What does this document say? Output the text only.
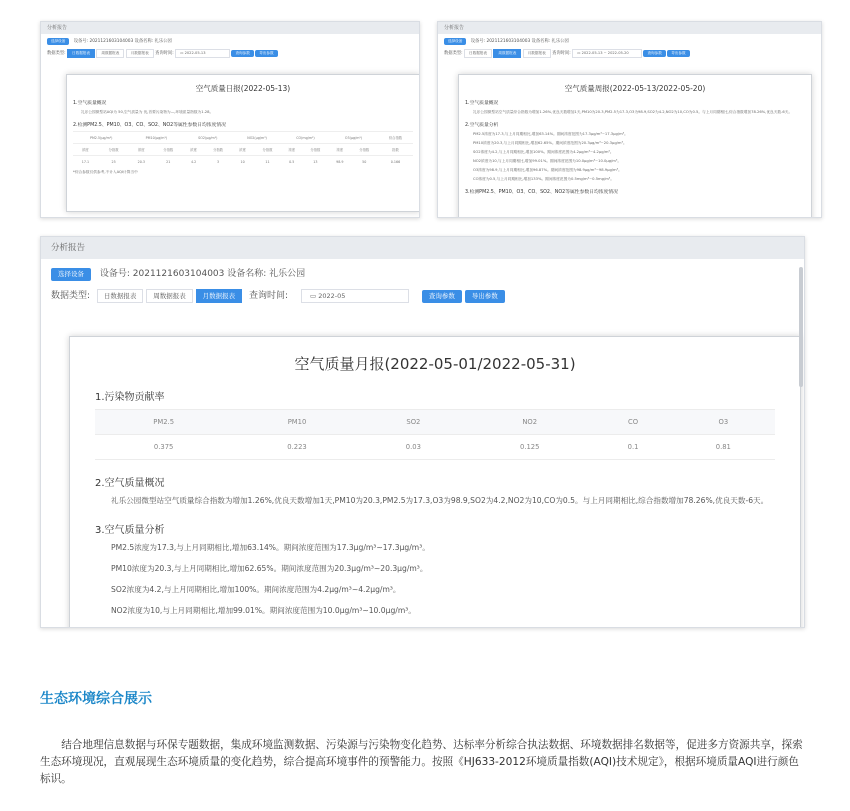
分析报告
选择设备 设备号: 2021121603104003 设备名称: 礼乐公园
数据类型: 日数据报表	周数据报表	月数据报表 查询时间: ▭ 2022-05-13	查询参数	导出参数
空气质量日报(2022-05-13)
1.空气质量概况
礼乐公园微型站AQI为 50,空气质量为 优,首要污染物为—,环境质量指数为1.28。
2.检测PM2.5、PM10、O3、CO、SO2、NO2等属性参数日均浓度情况
PM2.5(μg/m³)		PM10(μg/m³)		SO2(μg/m³)		NO2(μg/m³)		CO(mg/m³)		O3(μg/m³)		综合指数
浓度	分指数	浓度	分指数	浓度	分指数	浓度	分指数	浓度	分指数	浓度	分指数	指数
17.1	25	20.3	21	4.2	3	10	11	0.5	13	98.9	50	0.166
*综合参数仅供参考,不计入AQI计算当中
分析报告
选择设备 设备号: 2021121603104003 设备名称: 礼乐公园
数据类型: 日数据报表	周数据报表	月数据报表 查询时间: ▭ 2022-05-13 ~ 2022-05-20	查询参数	导出参数
空气质量周报(2022-05-13/2022-05-20)
1.空气质量概况
礼乐公园微型站空气质量综合指数为增加1.26%,优良天数增加1天,PM10为20.3,PM2.5为17.3,O3为98.9,SO2为4.2,NO2为10,CO为0.5。与上月同期相比,综合指数增加78.26%,优良天数-6天。
2.空气质量分析
PM2.5浓度为17.3,与上月同期相比,增加63.14%。期间浓度范围为17.3μg/m³~17.3μg/m³。
PM10浓度为20.3,与上月同期相比,增加62.65%。期间浓度范围为20.3μg/m³~20.3μg/m³。
SO2浓度为4.2,与上月同期相比,增加100%。期间浓度范围为4.2μg/m³~4.2μg/m³。
NO2浓度为10,与上月同期相比,增加99.01%。期间浓度范围为10.0μg/m³~10.0μg/m³。
O3浓度为98.9,与上月同期相比,增加96.87%。期间浓度范围为98.9μg/m³~98.9μg/m³。
CO浓度为0.5,与上月同期相比,增加133%。期间浓度范围为0.5mg/m³~0.5mg/m³。
3.检测PM2.5、PM10、O3、CO、SO2、NO2等属性参数日均浓度情况
分析报告
选择设备 设备号: 2021121603104003 设备名称: 礼乐公园
数据类型: 日数据报表	周数据报表	月数据报表 查询时间:	▭ 2022-05	查询参数	导出参数
空气质量月报(2022-05-01/2022-05-31)
1.污染物贡献率
PM2.5	PM10	SO2	NO2	CO	O3
0.375	0.223	0.03	0.125	0.1	0.81
2.空气质量概况
礼乐公园微型站空气质量综合指数为增加1.26%,优良天数增加1天,PM10为20.3,PM2.5为17.3,O3为98.9,SO2为4.2,NO2为10,CO为0.5。与上月同期相比,综合指数增加78.26%,优良天数-6天。
3.空气质量分析
PM2.5浓度为17.3,与上月同期相比,增加63.14%。期间浓度范围为17.3μg/m³~17.3μg/m³。
PM10浓度为20.3,与上月同期相比,增加62.65%。期间浓度范围为20.3μg/m³~20.3μg/m³。
SO2浓度为4.2,与上月同期相比,增加100%。期间浓度范围为4.2μg/m³~4.2μg/m³。
NO2浓度为10,与上月同期相比,增加99.01%。期间浓度范围为10.0μg/m³~10.0μg/m³。
生态环境综合展示
结合地理信息数据与环保专题数据，集成环境监测数据、污染源与污染物变化趋势、达标率分析综合执法数据、环境数据排名数据等，促进多方资源共享，探索生态环境现况，直观展现生态环境质量的变化趋势，综合提高环境事件的预警能力。按照《HJ633-2012环境质量指数(AQI)技术规定》，根据环境质量AQI进行颜色标识。
